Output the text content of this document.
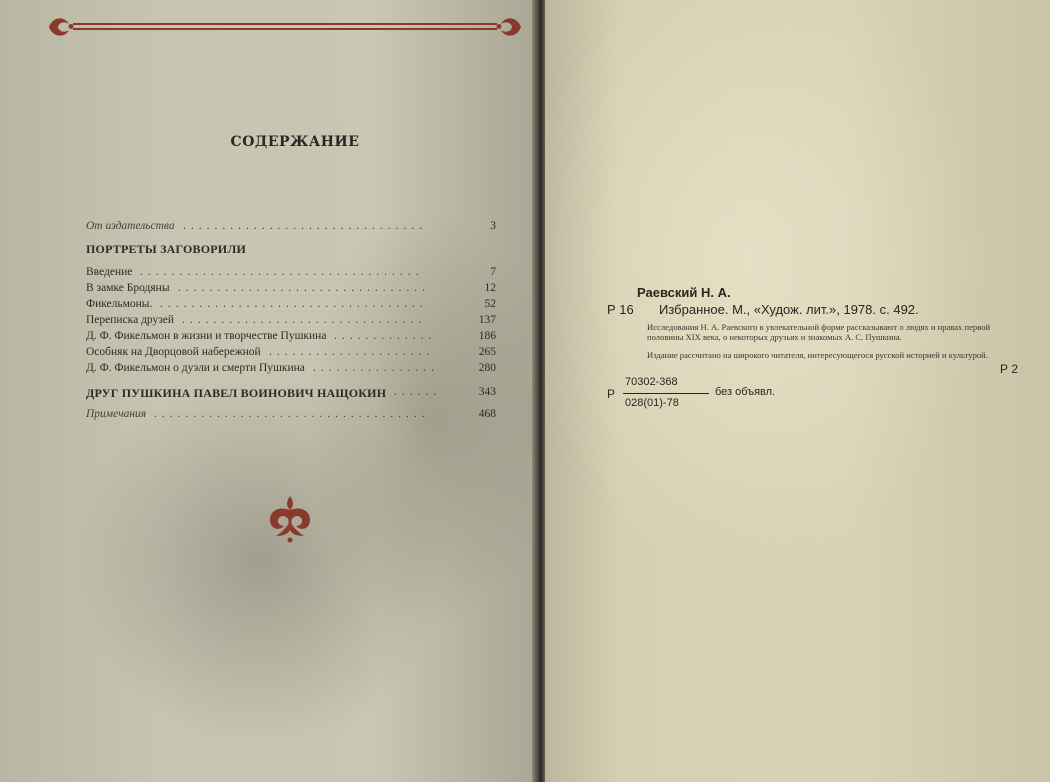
СОДЕРЖАНИЕ
От издательства ...............................	3
ПОРТРЕТЫ ЗАГОВОРИЛИ
Введение ....................................	7
В замке Бродяны ................................	12
Фикельмоны. ..................................	52
Переписка друзей ...............................	137
Д. Ф. Фикельмон в жизни и творчестве Пушкина .............	186
Особняк на Дворцовой набережной .....................	265
Д. Ф. Фикельмон о дуэли и смерти Пушкина ................	280
ДРУГ ПУШКИНА ПАВЕЛ ВОИНОВИЧ НАЩОКИН ......	343
Примечания ...................................	468
Раевский Н. А.
Р 16 Избранное. М., «Худож. лит.», 1978. с. 492.
Исследования Н. А. Раевского в увлекательной форме рассказывают о людях и нравах первой половины XIX века, о некоторых друзьях и знакомых А. С. Пушкина.
Издание рассчитано на широкого читателя, интересующегося русской историей и культурой.
Р 2
Р
70302-368
028(01)-78
без объявл.
